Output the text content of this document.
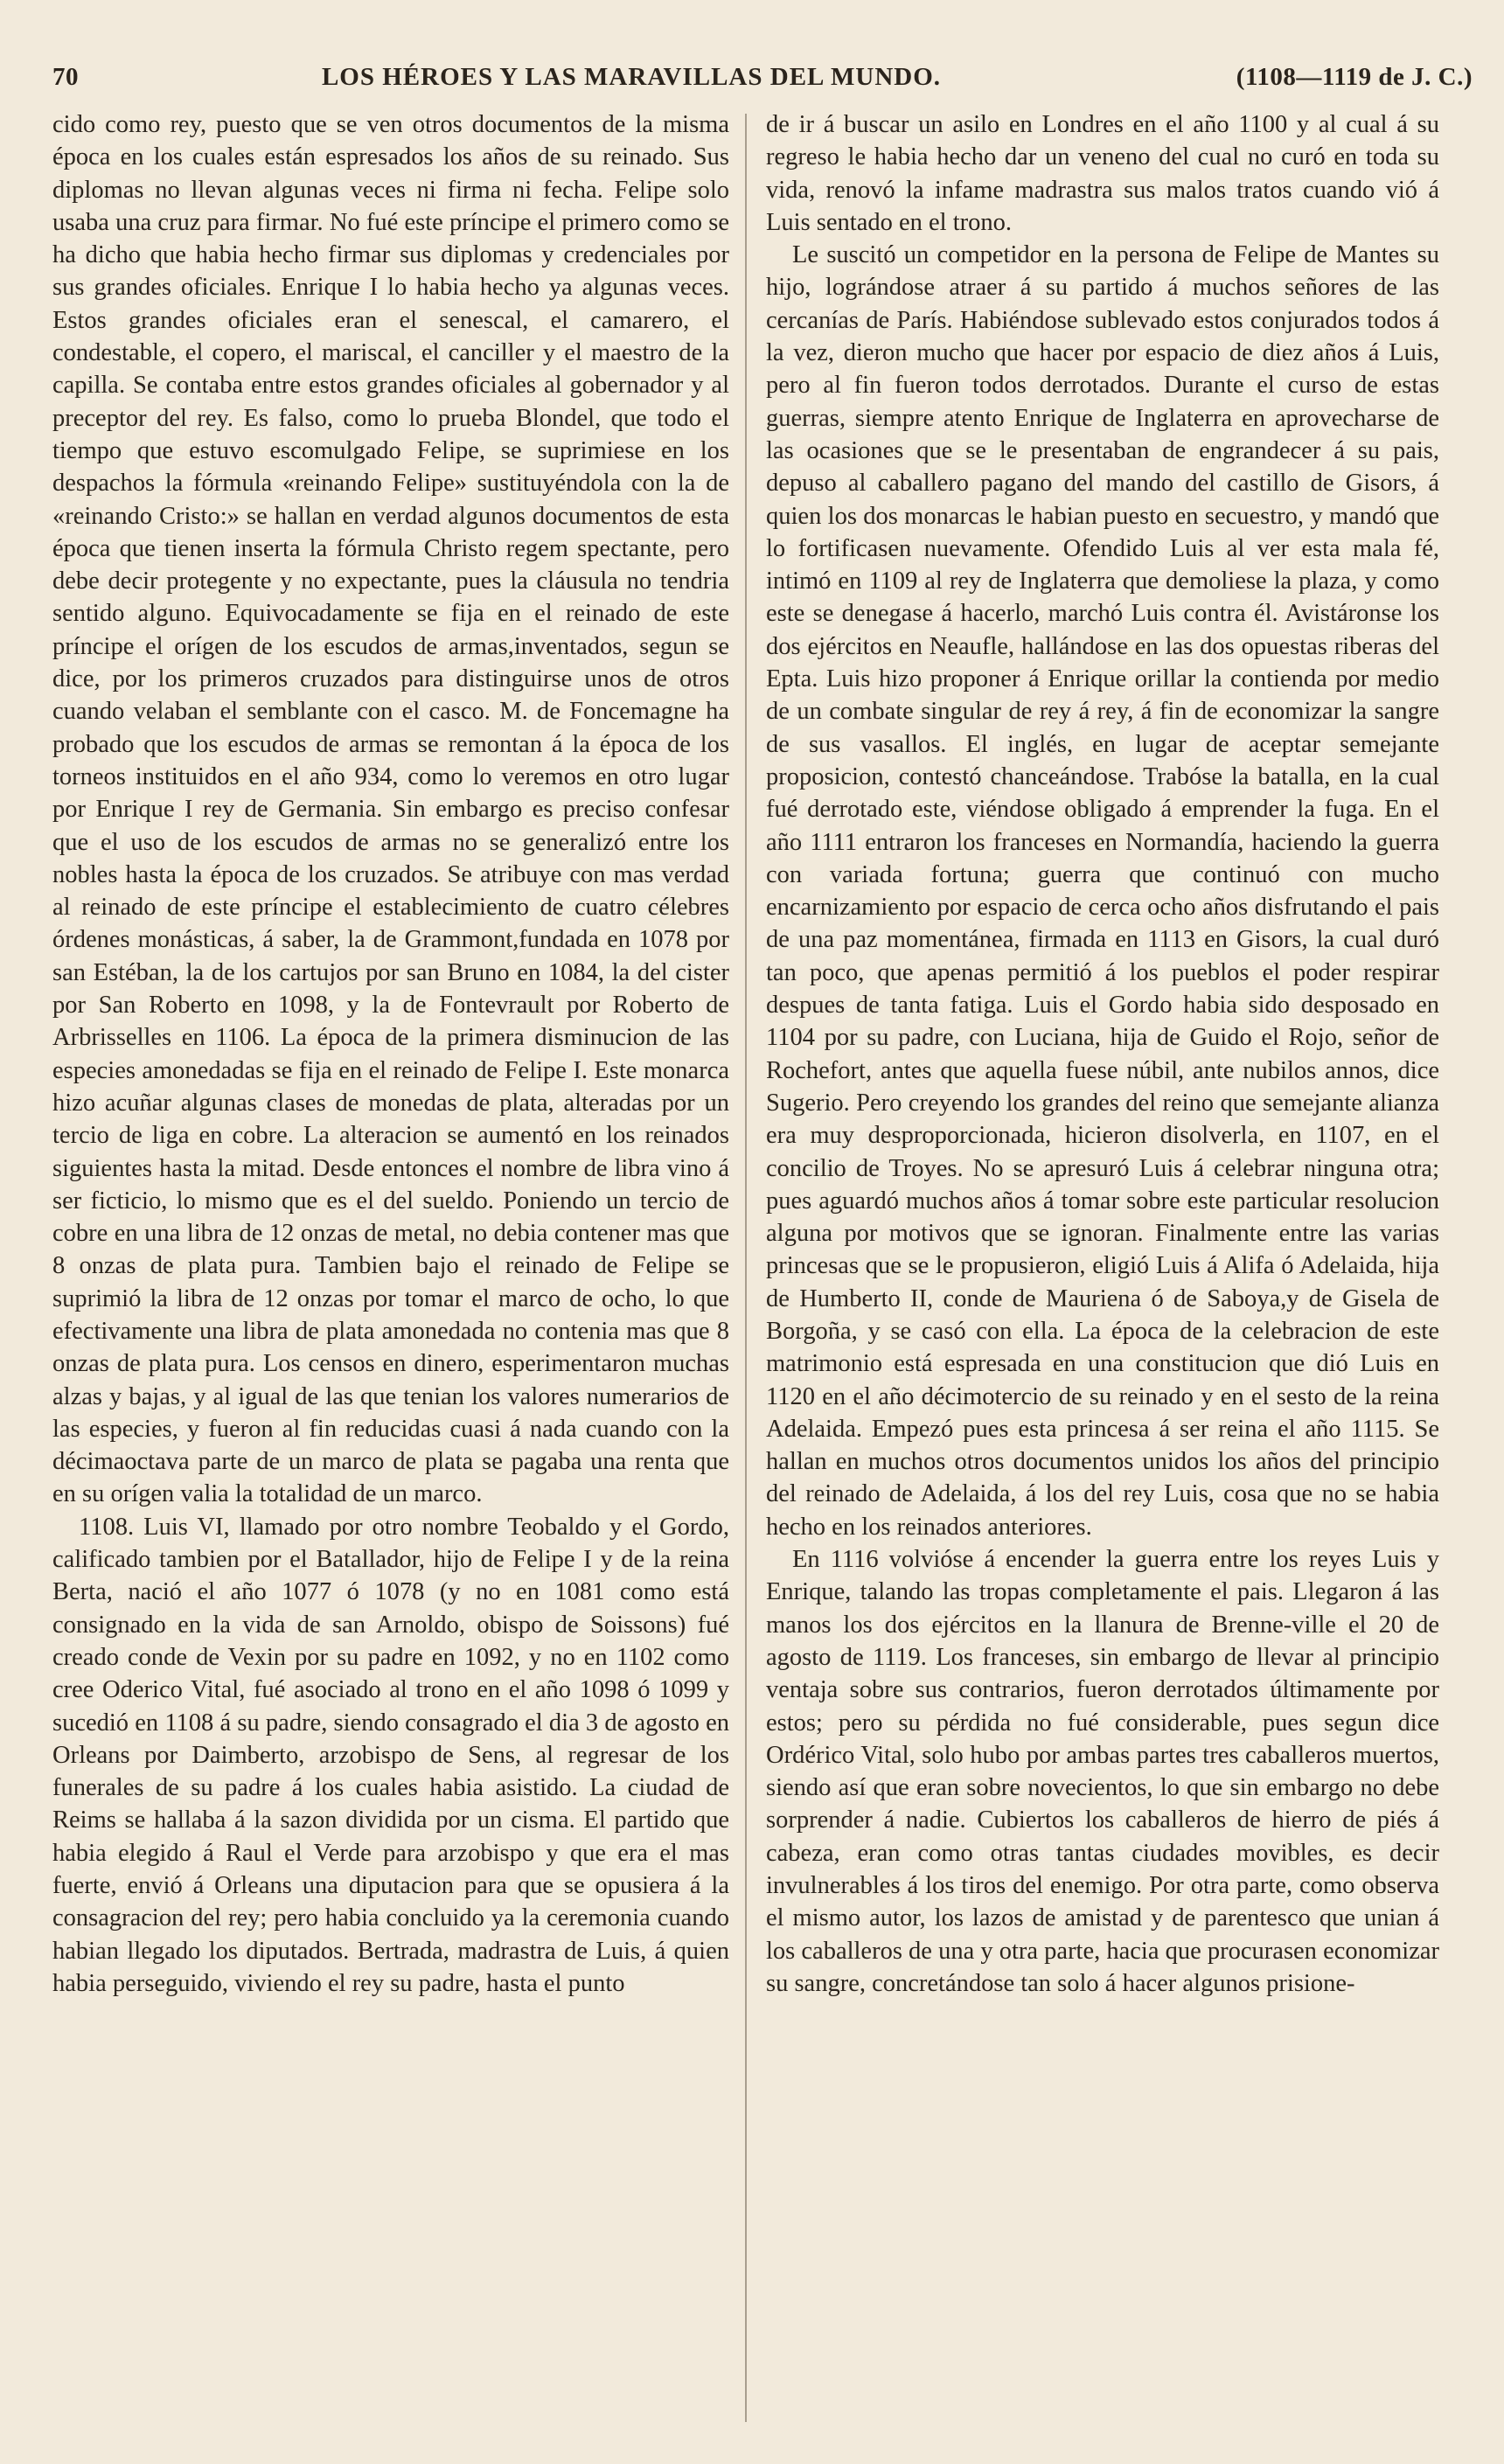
70	LOS HÉROES Y LAS MARAVILLAS DEL MUNDO.	(1108—1119 de J. C.)

cido como rey, puesto que se ven otros documentos de la misma época en los cuales están espresados los años de su reinado. Sus diplomas no llevan algunas veces ni firma ni fecha. Felipe solo usaba una cruz para firmar. No fué este príncipe el primero como se ha dicho que habia hecho firmar sus diplomas y credenciales por sus grandes oficiales. Enrique I lo habia hecho ya algunas veces. Estos grandes oficiales eran el senescal, el camarero, el condestable, el copero, el mariscal, el canciller y el maestro de la capilla. Se contaba entre estos grandes oficiales al gobernador y al preceptor del rey. Es falso, como lo prueba Blondel, que todo el tiempo que estuvo escomulgado Felipe, se suprimiese en los despachos la fórmula «reinando Felipe» sustituyéndola con la de «reinando Cristo:» se hallan en verdad algunos documentos de esta época que tienen inserta la fórmula Christo regem spectante, pero debe decir protegente y no expectante, pues la cláusula no tendria sentido alguno. Equivocadamente se fija en el reinado de este príncipe el orígen de los escudos de armas,inventados, segun se dice, por los primeros cruzados para distinguirse unos de otros cuando velaban el semblante con el casco. M. de Foncemagne ha probado que los escudos de armas se remontan á la época de los torneos instituidos en el año 934, como lo veremos en otro lugar por Enrique I rey de Germania. Sin embargo es preciso confesar que el uso de los escudos de armas no se generalizó entre los nobles hasta la época de los cruzados. Se atribuye con mas verdad al reinado de este príncipe el establecimiento de cuatro célebres órdenes monásticas, á saber, la de Grammont,fundada en 1078 por san Estéban, la de los cartujos por san Bruno en 1084, la del cister por San Roberto en 1098, y la de Fontevrault por Roberto de Arbrisselles en 1106. La época de la primera disminucion de las especies amonedadas se fija en el reinado de Felipe I. Este monarca hizo acuñar algunas clases de monedas de plata, alteradas por un tercio de liga en cobre. La alteracion se aumentó en los reinados siguientes hasta la mitad. Desde entonces el nombre de libra vino á ser ficticio, lo mismo que es el del sueldo. Poniendo un tercio de cobre en una libra de 12 onzas de metal, no debia contener mas que 8 onzas de plata pura. Tambien bajo el reinado de Felipe se suprimió la libra de 12 onzas por tomar el marco de ocho, lo que efectivamente una libra de plata amonedada no contenia mas que 8 onzas de plata pura. Los censos en dinero, esperimentaron muchas alzas y bajas, y al igual de las que tenian los valores numerarios de las especies, y fueron al fin reducidas cuasi á nada cuando con la décimaoctava parte de un marco de plata se pagaba una renta que en su orígen valia la totalidad de un marco.

1108. Luis VI, llamado por otro nombre Teobaldo y el Gordo, calificado tambien por el Batallador, hijo de Felipe I y de la reina Berta, nació el año 1077 ó 1078 (y no en 1081 como está consignado en la vida de san Arnoldo, obispo de Soissons) fué creado conde de Vexin por su padre en 1092, y no en 1102 como cree Oderico Vital, fué asociado al trono en el año 1098 ó 1099 y sucedió en 1108 á su padre, siendo consagrado el dia 3 de agosto en Orleans por Daimberto, arzobispo de Sens, al regresar de los funerales de su padre á los cuales habia asistido. La ciudad de Reims se hallaba á la sazon dividida por un cisma. El partido que habia elegido á Raul el Verde para arzobispo y que era el mas fuerte, envió á Orleans una diputacion para que se opusiera á la consagracion del rey; pero habia concluido ya la ceremonia cuando habian llegado los diputados. Bertrada, madrastra de Luis, á quien habia perseguido, viviendo el rey su padre, hasta el punto

de ir á buscar un asilo en Londres en el año 1100 y al cual á su regreso le habia hecho dar un veneno del cual no curó en toda su vida, renovó la infame madrastra sus malos tratos cuando vió á Luis sentado en el trono.

Le suscitó un competidor en la persona de Felipe de Mantes su hijo, lográndose atraer á su partido á muchos señores de las cercanías de París. Habiéndose sublevado estos conjurados todos á la vez, dieron mucho que hacer por espacio de diez años á Luis, pero al fin fueron todos derrotados. Durante el curso de estas guerras, siempre atento Enrique de Inglaterra en aprovecharse de las ocasiones que se le presentaban de engrandecer á su pais, depuso al caballero pagano del mando del castillo de Gisors, á quien los dos monarcas le habian puesto en secuestro, y mandó que lo fortificasen nuevamente. Ofendido Luis al ver esta mala fé, intimó en 1109 al rey de Inglaterra que demoliese la plaza, y como este se denegase á hacerlo, marchó Luis contra él. Avistáronse los dos ejércitos en Neaufle, hallándose en las dos opuestas riberas del Epta. Luis hizo proponer á Enrique orillar la contienda por medio de un combate singular de rey á rey, á fin de economizar la sangre de sus vasallos. El inglés, en lugar de aceptar semejante proposicion, contestó chanceándose. Trabóse la batalla, en la cual fué derrotado este, viéndose obligado á emprender la fuga. En el año 1111 entraron los franceses en Normandía, haciendo la guerra con variada fortuna; guerra que continuó con mucho encarnizamiento por espacio de cerca ocho años disfrutando el pais de una paz momentánea, firmada en 1113 en Gisors, la cual duró tan poco, que apenas permitió á los pueblos el poder respirar despues de tanta fatiga. Luis el Gordo habia sido desposado en 1104 por su padre, con Luciana, hija de Guido el Rojo, señor de Rochefort, antes que aquella fuese núbil, ante nubilos annos, dice Sugerio. Pero creyendo los grandes del reino que semejante alianza era muy desproporcionada, hicieron disolverla, en 1107, en el concilio de Troyes. No se apresuró Luis á celebrar ninguna otra; pues aguardó muchos años á tomar sobre este particular resolucion alguna por motivos que se ignoran. Finalmente entre las varias princesas que se le propusieron, eligió Luis á Alifa ó Adelaida, hija de Humberto II, conde de Mauriena ó de Saboya,y de Gisela de Borgoña, y se casó con ella. La época de la celebracion de este matrimonio está espresada en una constitucion que dió Luis en 1120 en el año décimotercio de su reinado y en el sesto de la reina Adelaida. Empezó pues esta princesa á ser reina el año 1115. Se hallan en muchos otros documentos unidos los años del principio del reinado de Adelaida, á los del rey Luis, cosa que no se habia hecho en los reinados anteriores.

En 1116 volvióse á encender la guerra entre los reyes Luis y Enrique, talando las tropas completamente el pais. Llegaron á las manos los dos ejércitos en la llanura de Brenne-ville el 20 de agosto de 1119. Los franceses, sin embargo de llevar al principio ventaja sobre sus contrarios, fueron derrotados últimamente por estos; pero su pérdida no fué considerable, pues segun dice Ordérico Vital, solo hubo por ambas partes tres caballeros muertos, siendo así que eran sobre novecientos, lo que sin embargo no debe sorprender á nadie. Cubiertos los caballeros de hierro de piés á cabeza, eran como otras tantas ciudades movibles, es decir invulnerables á los tiros del enemigo. Por otra parte, como observa el mismo autor, los lazos de amistad y de parentesco que unian á los caballeros de una y otra parte, hacia que procurasen economizar su sangre, concretándose tan solo á hacer algunos prisione-
